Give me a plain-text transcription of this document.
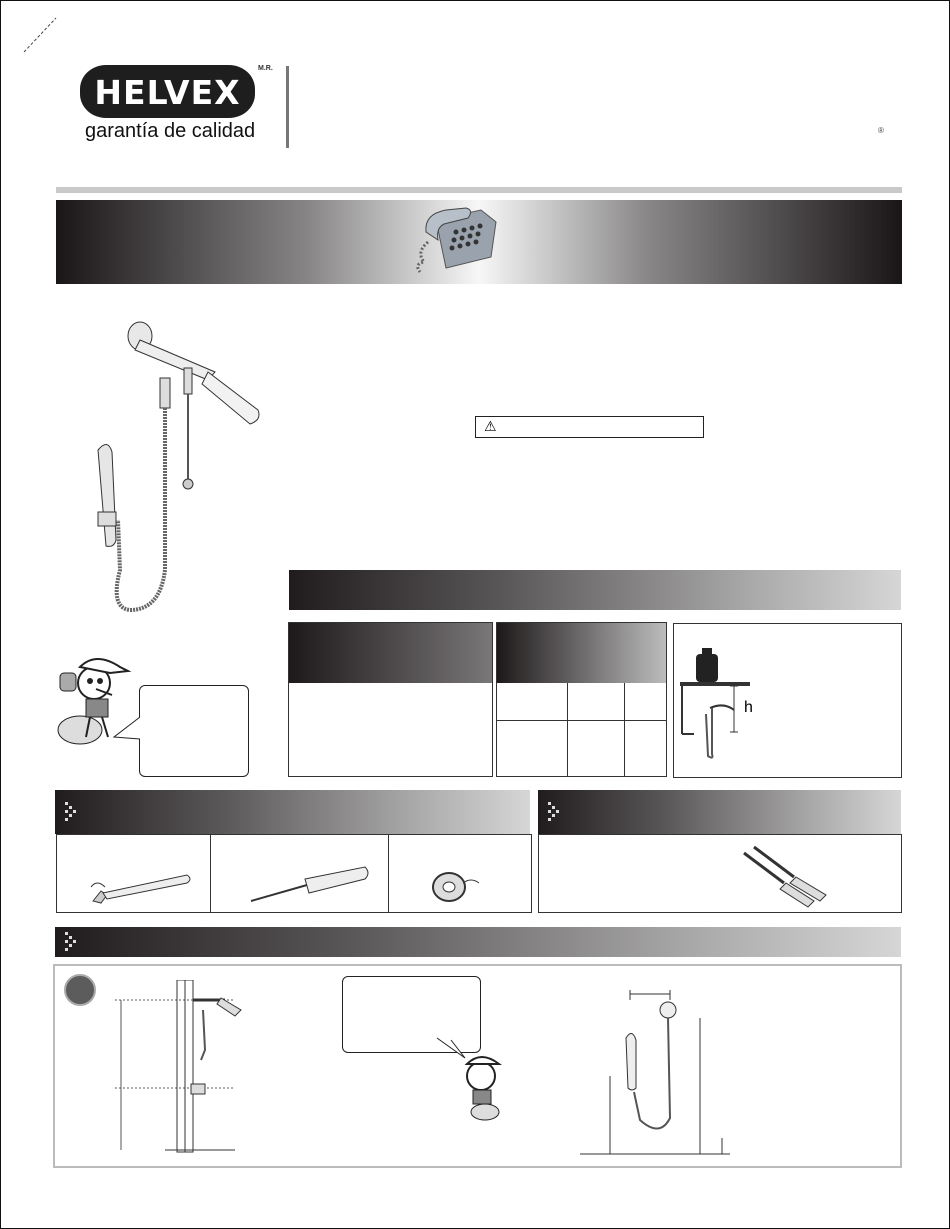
HELVEX
M.R.
garantía de calidad	®
⚠
h
